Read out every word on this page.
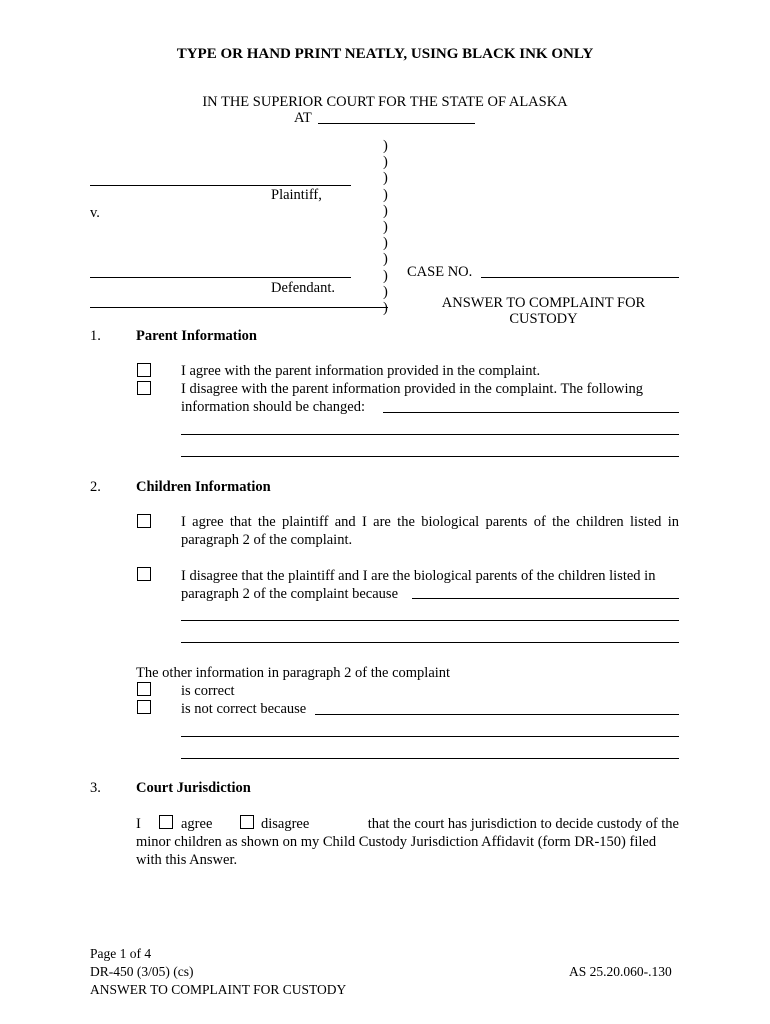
TYPE OR HAND PRINT NEATLY, USING BLACK INK ONLY
IN THE SUPERIOR COURT FOR THE STATE OF ALASKA
AT
)
)
)
)
)
)
)
)
)
)
)
Plaintiff,
v.
Defendant.
CASE NO.
ANSWER TO COMPLAINT FOR
CUSTODY
1. Parent Information
I agree with the parent information provided in the complaint.
I disagree with the parent information provided in the complaint. The following
information should be changed:
2. Children Information
I agree that the plaintiff and I are the biological parents of the children listed in paragraph 2 of the complaint.
I disagree that the plaintiff and I are the biological parents of the children listed in
paragraph 2 of the complaint because
The other information in paragraph 2 of the complaint
is correct
is not correct because
3. Court Jurisdiction
I	agree	disagree	that the court has jurisdiction to decide custody of the
minor children as shown on my Child Custody Jurisdiction Affidavit (form DR-150) filed
with this Answer.
Page 1 of 4
DR-450 (3/05) (cs)	AS 25.20.060-.130
ANSWER TO COMPLAINT FOR CUSTODY
